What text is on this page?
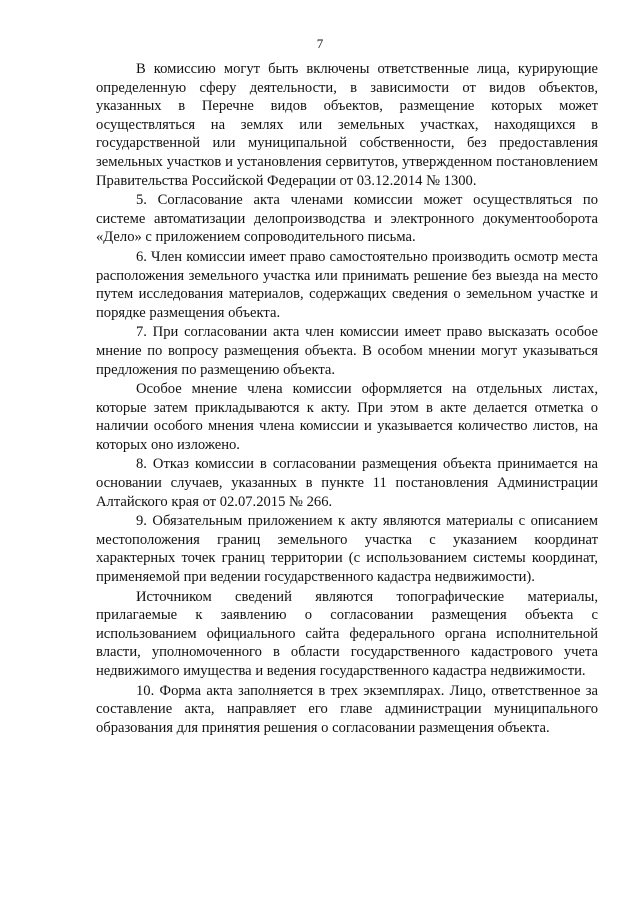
7

В комиссию могут быть включены ответственные лица, курирующие определенную сферу деятельности, в зависимости от видов объектов, указанных в Перечне видов объектов, размещение которых может осуществляться на землях или земельных участках, находящихся в государственной или муниципальной собственности, без предоставления земельных участков и установления сервитутов, утвержденном постановлением Правительства Российской Федерации от 03.12.2014 № 1300.

5. Согласование акта членами комиссии может осуществляться по системе автоматизации делопроизводства и электронного документооборота «Дело» с приложением сопроводительного письма.

6. Член комиссии имеет право самостоятельно производить осмотр места расположения земельного участка или принимать решение без выезда на место путем исследования материалов, содержащих сведения о земельном участке и порядке размещения объекта.

7. При согласовании акта член комиссии имеет право высказать особое мнение по вопросу размещения объекта. В особом мнении могут указываться предложения по размещению объекта.

Особое мнение члена комиссии оформляется на отдельных листах, которые затем прикладываются к акту. При этом в акте делается отметка о наличии особого мнения члена комиссии и указывается количество листов, на которых оно изложено.

8. Отказ комиссии в согласовании размещения объекта принимается на основании случаев, указанных в пункте 11 постановления Администрации Алтайского края от 02.07.2015 № 266.

9. Обязательным приложением к акту являются материалы с описанием местоположения границ земельного участка с указанием координат характерных точек границ территории (с использованием системы координат, применяемой при ведении государственного кадастра недвижимости).

Источником сведений являются топографические материалы, прилагаемые к заявлению о согласовании размещения объекта с использованием официального сайта федерального органа исполнительной власти, уполномоченного в области государственного кадастрового учета недвижимого имущества и ведения государственного кадастра недвижимости.

10. Форма акта заполняется в трех экземплярах. Лицо, ответственное за составление акта, направляет его главе администрации муниципального образования для принятия решения о согласовании размещения объекта.
